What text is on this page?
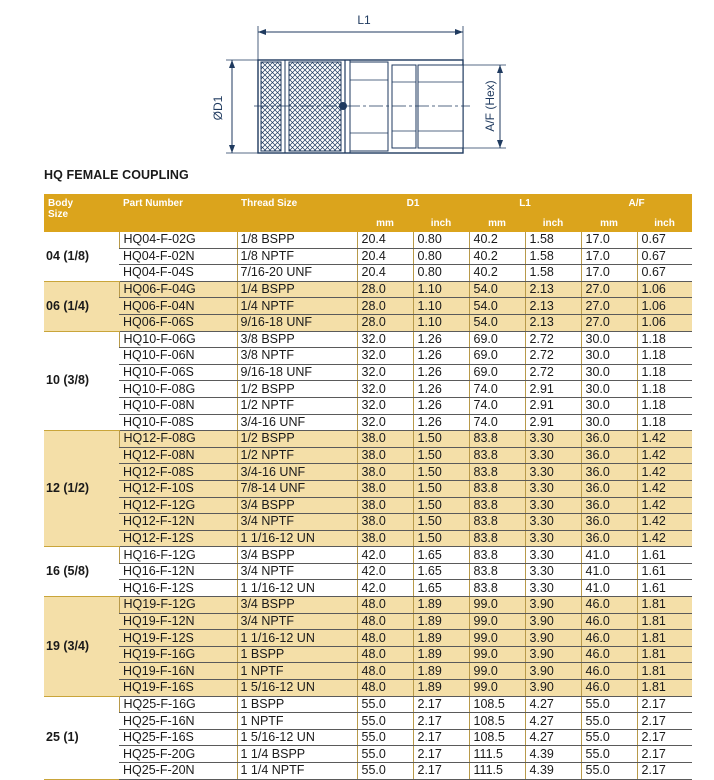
L1
ØD1	A/F (Hex)
HQ FEMALE COUPLING
Body
Size	Part Number	Thread Size	D1		L1		A/F	
			mm	inch	mm	inch	mm	inch
04 (1/8)	HQ04-F-02G	1/8 BSPP	20.4	0.80	40.2	1.58	17.0	0.67
	HQ04-F-02N	1/8 NPTF	20.4	0.80	40.2	1.58	17.0	0.67
	HQ04-F-04S	7/16-20 UNF	20.4	0.80	40.2	1.58	17.0	0.67
06 (1/4)	HQ06-F-04G	1/4 BSPP	28.0	1.10	54.0	2.13	27.0	1.06
	HQ06-F-04N	1/4 NPTF	28.0	1.10	54.0	2.13	27.0	1.06
	HQ06-F-06S	9/16-18 UNF	28.0	1.10	54.0	2.13	27.0	1.06
10 (3/8)	HQ10-F-06G	3/8 BSPP	32.0	1.26	69.0	2.72	30.0	1.18
	HQ10-F-06N	3/8 NPTF	32.0	1.26	69.0	2.72	30.0	1.18
	HQ10-F-06S	9/16-18 UNF	32.0	1.26	69.0	2.72	30.0	1.18
	HQ10-F-08G	1/2 BSPP	32.0	1.26	74.0	2.91	30.0	1.18
	HQ10-F-08N	1/2 NPTF	32.0	1.26	74.0	2.91	30.0	1.18
	HQ10-F-08S	3/4-16 UNF	32.0	1.26	74.0	2.91	30.0	1.18
12 (1/2)	HQ12-F-08G	1/2 BSPP	38.0	1.50	83.8	3.30	36.0	1.42
	HQ12-F-08N	1/2 NPTF	38.0	1.50	83.8	3.30	36.0	1.42
	HQ12-F-08S	3/4-16 UNF	38.0	1.50	83.8	3.30	36.0	1.42
	HQ12-F-10S	7/8-14 UNF	38.0	1.50	83.8	3.30	36.0	1.42
	HQ12-F-12G	3/4 BSPP	38.0	1.50	83.8	3.30	36.0	1.42
	HQ12-F-12N	3/4 NPTF	38.0	1.50	83.8	3.30	36.0	1.42
	HQ12-F-12S	1 1/16-12 UN	38.0	1.50	83.8	3.30	36.0	1.42
16 (5/8)	HQ16-F-12G	3/4 BSPP	42.0	1.65	83.8	3.30	41.0	1.61
	HQ16-F-12N	3/4 NPTF	42.0	1.65	83.8	3.30	41.0	1.61
	HQ16-F-12S	1 1/16-12 UN	42.0	1.65	83.8	3.30	41.0	1.61
19 (3/4)	HQ19-F-12G	3/4 BSPP	48.0	1.89	99.0	3.90	46.0	1.81
	HQ19-F-12N	3/4 NPTF	48.0	1.89	99.0	3.90	46.0	1.81
	HQ19-F-12S	1 1/16-12 UN	48.0	1.89	99.0	3.90	46.0	1.81
	HQ19-F-16G	1 BSPP	48.0	1.89	99.0	3.90	46.0	1.81
	HQ19-F-16N	1 NPTF	48.0	1.89	99.0	3.90	46.0	1.81
	HQ19-F-16S	1 5/16-12 UN	48.0	1.89	99.0	3.90	46.0	1.81
25 (1)	HQ25-F-16G	1 BSPP	55.0	2.17	108.5	4.27	55.0	2.17
	HQ25-F-16N	1 NPTF	55.0	2.17	108.5	4.27	55.0	2.17
	HQ25-F-16S	1 5/16-12 UN	55.0	2.17	108.5	4.27	55.0	2.17
	HQ25-F-20G	1 1/4 BSPP	55.0	2.17	111.5	4.39	55.0	2.17
	HQ25-F-20N	1 1/4 NPTF	55.0	2.17	111.5	4.39	55.0	2.17
